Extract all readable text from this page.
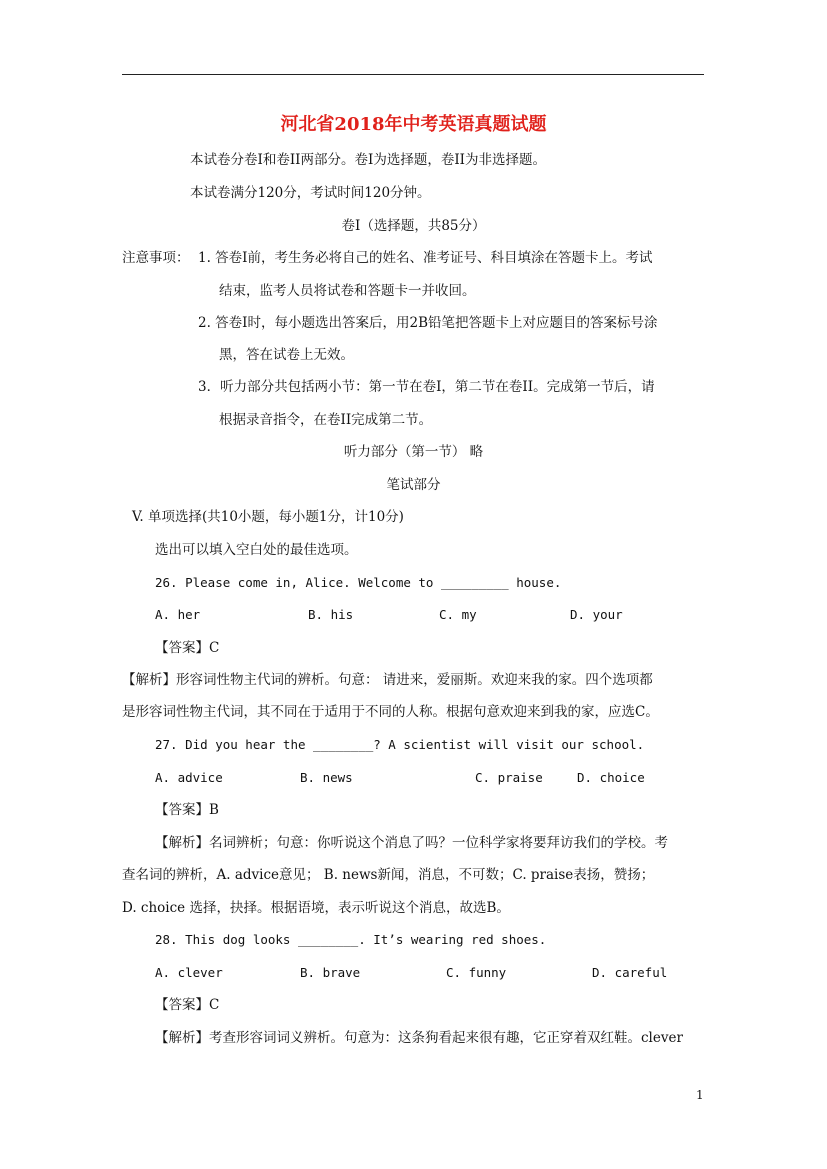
河北省2018年中考英语真题试题
本试卷分卷Ⅰ和卷II两部分。卷Ⅰ为选择题，卷II为非选择题。
本试卷满分120分，考试时间120分钟。
卷Ⅰ（选择题，共85分）
注意事项： 1. 答卷Ⅰ前，考生务必将自己的姓名、准考证号、科目填涂在答题卡上。考试
结束，监考人员将试卷和答题卡一并收回。
2. 答卷Ⅰ时，每小题选出答案后，用2B铅笔把答题卡上对应题目的答案标号涂
黑，答在试卷上无效。
3．听力部分共包括两小节：第一节在卷Ⅰ，第二节在卷II。完成第一节后，请
根据录音指令，在卷II完成第二节。
听力部分（第一节） 略
笔试部分
V. 单项选择(共10小题，每小题1分，计10分)
选出可以填入空白处的最佳选项。
26. Please come in, Alice. Welcome to _________ house.
A. her	B. his	C. my	D. your
【答案】C
【解析】形容词性物主代词的辨析。句意： 请进来，爱丽斯。欢迎来我的家。四个选项都
是形容词性物主代词，其不同在于适用于不同的人称。根据句意欢迎来到我的家，应选C。
27. Did you hear the ________? A scientist will visit our school.
A. advice	B. news	C. praise	D. choice
【答案】B
【解析】名词辨析；句意：你听说这个消息了吗？一位科学家将要拜访我们的学校。考
查名词的辨析，A. advice意见； B. news新闻，消息，不可数；C. praise表扬，赞扬；
D. choice 选择，抉择。根据语境，表示听说这个消息，故选B。
28. This dog looks ________. It’s wearing red shoes.
A. clever	B. brave	C. funny	D. careful
【答案】C
【解析】考查形容词词义辨析。句意为：这条狗看起来很有趣，它正穿着双红鞋。clever
1
